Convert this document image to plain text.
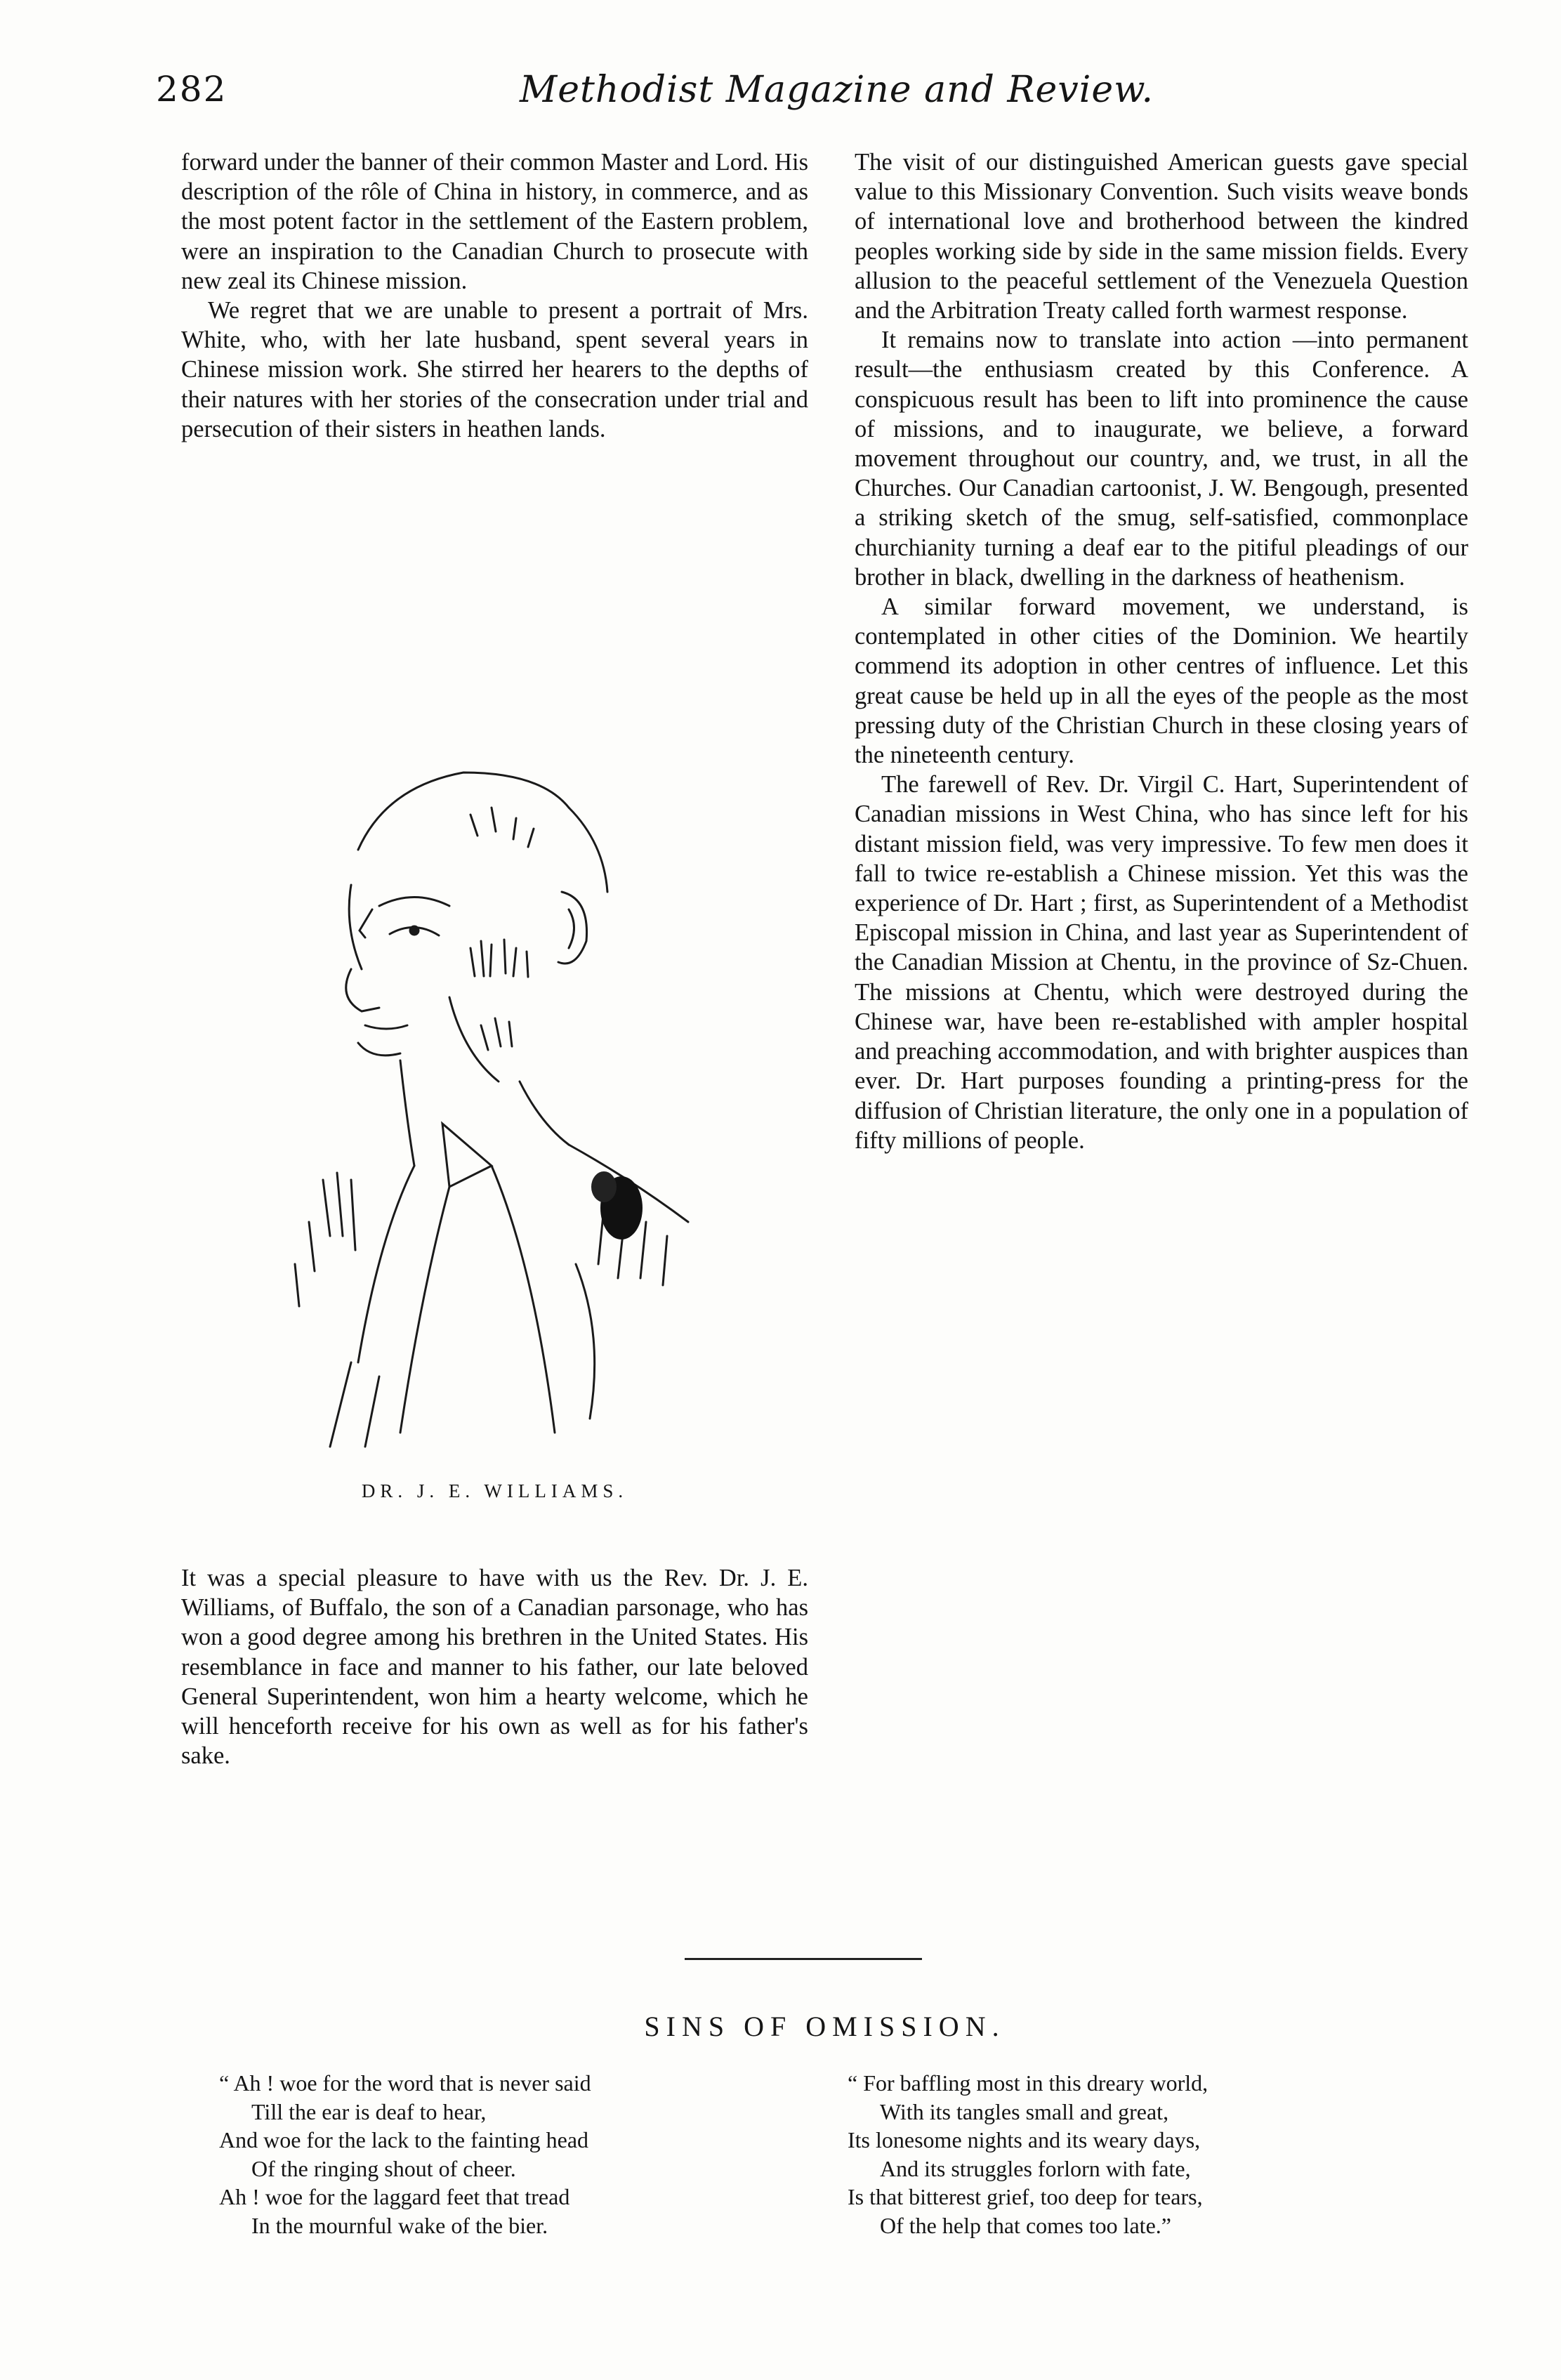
282	Methodist Magazine and Review.

forward under the banner of their common Master and Lord. His description of the rôle of China in history, in commerce, and as the most potent factor in the settlement of the Eastern problem, were an inspiration to the Canadian Church to prosecute with new zeal its Chinese mission.

We regret that we are unable to present a portrait of Mrs. White, who, with her late husband, spent several years in Chinese mission work. She stirred her hearers to the depths of their natures with her stories of the consecration under trial and persecution of their sisters in heathen lands.

DR. J. E. WILLIAMS.

It was a special pleasure to have with us the Rev. Dr. J. E. Williams, of Buffalo, the son of a Canadian parsonage, who has won a good degree among his brethren in the United States. His resemblance in face and manner to his father, our late beloved General Superintendent, won him a hearty welcome, which he will henceforth receive for his own as well as for his father's sake.

The visit of our distinguished American guests gave special value to this Missionary Convention. Such visits weave bonds of international love and brotherhood between the kindred peoples working side by side in the same mission fields. Every allusion to the peaceful settlement of the Venezuela Question and the Arbitration Treaty called forth warmest response.

It remains now to translate into action —into permanent result—the enthusiasm created by this Conference. A conspicuous result has been to lift into prominence the cause of missions, and to inaugurate, we believe, a forward movement throughout our country, and, we trust, in all the Churches. Our Canadian cartoonist, J. W. Bengough, presented a striking sketch of the smug, self-satisfied, commonplace churchianity turning a deaf ear to the pitiful pleadings of our brother in black, dwelling in the darkness of heathenism.

A similar forward movement, we understand, is contemplated in other cities of the Dominion. We heartily commend its adoption in other centres of influence. Let this great cause be held up in all the eyes of the people as the most pressing duty of the Christian Church in these closing years of the nineteenth century.

The farewell of Rev. Dr. Virgil C. Hart, Superintendent of Canadian missions in West China, who has since left for his distant mission field, was very impressive. To few men does it fall to twice re-establish a Chinese mission. Yet this was the experience of Dr. Hart ; first, as Superintendent of a Methodist Episcopal mission in China, and last year as Superintendent of the Canadian Mission at Chentu, in the province of Sz-Chuen. The missions at Chentu, which were destroyed during the Chinese war, have been re-established with ampler hospital and preaching accommodation, and with brighter auspices than ever. Dr. Hart purposes founding a printing-press for the diffusion of Christian literature, the only one in a population of fifty millions of people.

SINS OF OMISSION.
“ Ah ! woe for the word that is never said
Till the ear is deaf to hear,
And woe for the lack to the fainting head
Of the ringing shout of cheer.
Ah ! woe for the laggard feet that tread
In the mournful wake of the bier.
“ For baffling most in this dreary world,
With its tangles small and great,
Its lonesome nights and its weary days,
And its struggles forlorn with fate,
Is that bitterest grief, too deep for tears,
Of the help that comes too late.”
